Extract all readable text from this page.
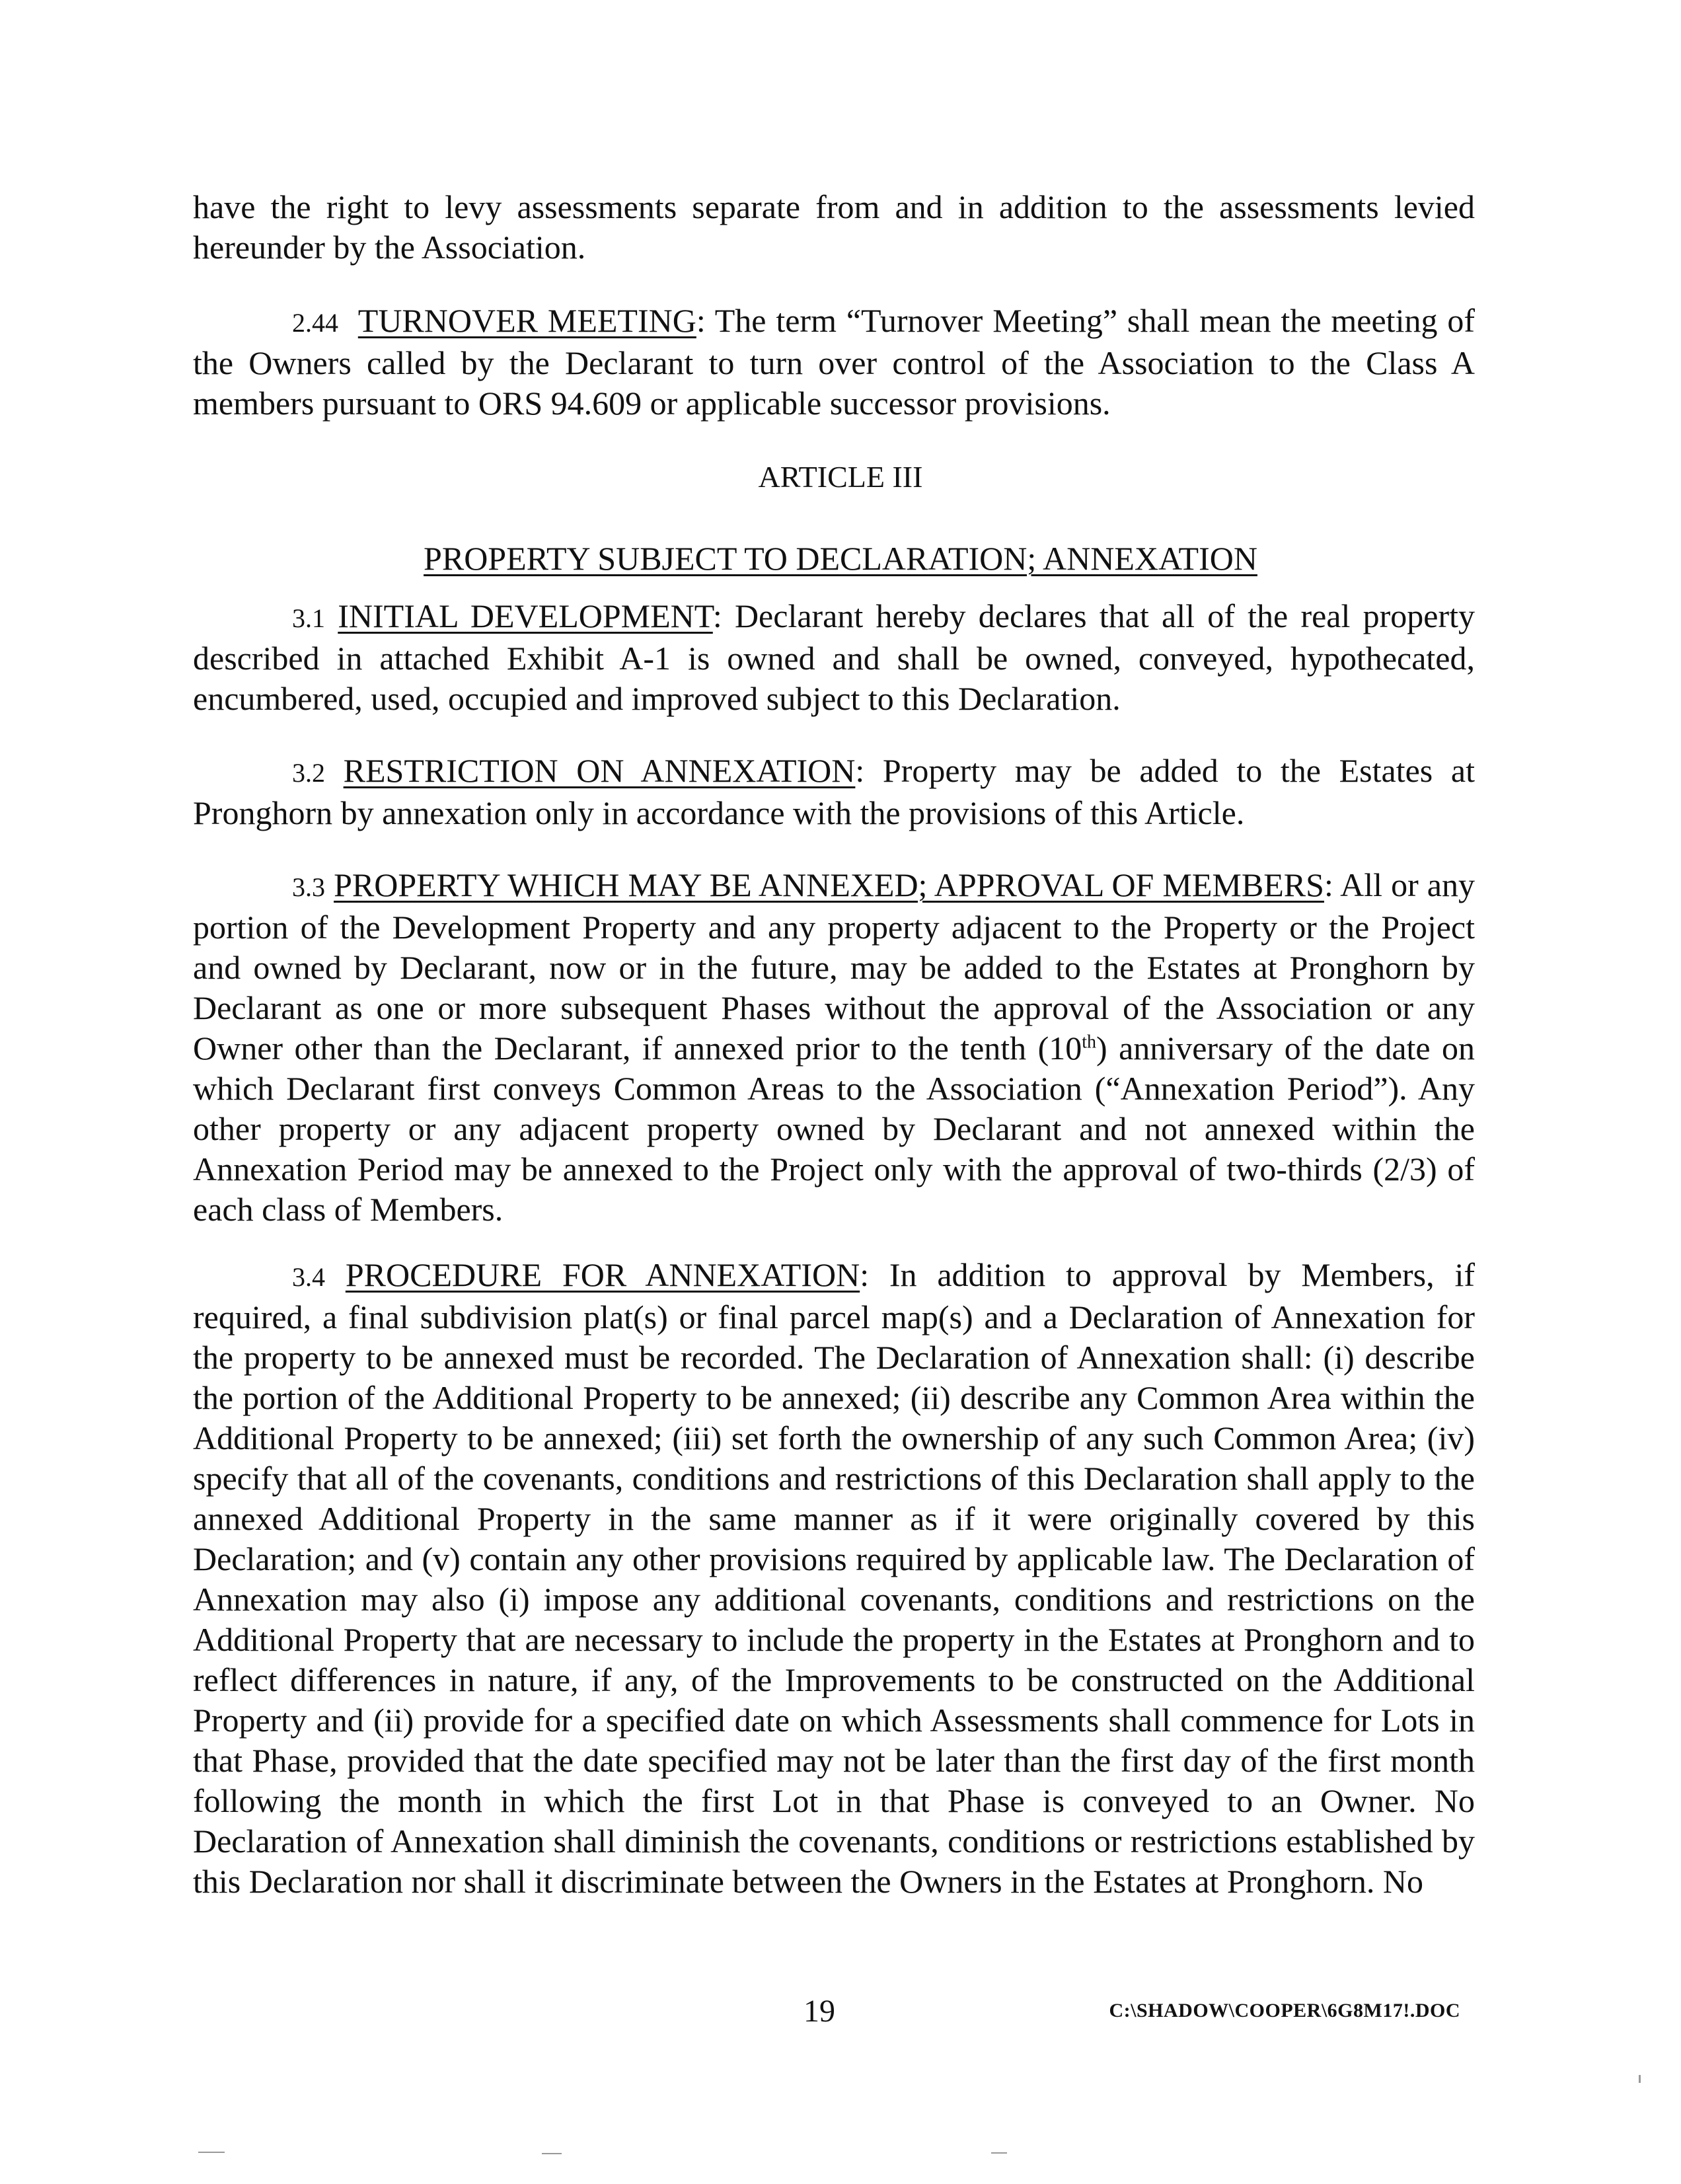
have the right to levy assessments separate from and in addition to the assessments levied hereunder by the Association.
2.44 TURNOVER MEETING: The term “Turnover Meeting” shall mean the meeting of the Owners called by the Declarant to turn over control of the Association to the Class A members pursuant to ORS 94.609 or applicable successor provisions.
ARTICLE III
PROPERTY SUBJECT TO DECLARATION; ANNEXATION
3.1 INITIAL DEVELOPMENT: Declarant hereby declares that all of the real property described in attached Exhibit A-1 is owned and shall be owned, conveyed, hypothecated, encumbered, used, occupied and improved subject to this Declaration.
3.2 RESTRICTION ON ANNEXATION: Property may be added to the Estates at Pronghorn by annexation only in accordance with the provisions of this Article.
3.3 PROPERTY WHICH MAY BE ANNEXED; APPROVAL OF MEMBERS: All or any portion of the Development Property and any property adjacent to the Property or the Project and owned by Declarant, now or in the future, may be added to the Estates at Pronghorn by Declarant as one or more subsequent Phases without the approval of the Association or any Owner other than the Declarant, if annexed prior to the tenth (10th) anniversary of the date on which Declarant first conveys Common Areas to the Association (“Annexation Period”). Any other property or any adjacent property owned by Declarant and not annexed within the Annexation Period may be annexed to the Project only with the approval of two-thirds (2/3) of each class of Members.
3.4 PROCEDURE FOR ANNEXATION: In addition to approval by Members, if required, a final subdivision plat(s) or final parcel map(s) and a Declaration of Annexation for the property to be annexed must be recorded. The Declaration of Annexation shall: (i) describe the portion of the Additional Property to be annexed; (ii) describe any Common Area within the Additional Property to be annexed; (iii) set forth the ownership of any such Common Area; (iv) specify that all of the covenants, conditions and restrictions of this Declaration shall apply to the annexed Additional Property in the same manner as if it were originally covered by this Declaration; and (v) contain any other provisions required by applicable law. The Declaration of Annexation may also (i) impose any additional covenants, conditions and restrictions on the Additional Property that are necessary to include the property in the Estates at Pronghorn and to reflect differences in nature, if any, of the Improvements to be constructed on the Additional Property and (ii) provide for a specified date on which Assessments shall commence for Lots in that Phase, provided that the date specified may not be later than the first day of the first month following the month in which the first Lot in that Phase is conveyed to an Owner. No Declaration of Annexation shall diminish the covenants, conditions or restrictions established by this Declaration nor shall it discriminate between the Owners in the Estates at Pronghorn. No
19	C:\SHADOW\COOPER\6G8M17!.DOC
